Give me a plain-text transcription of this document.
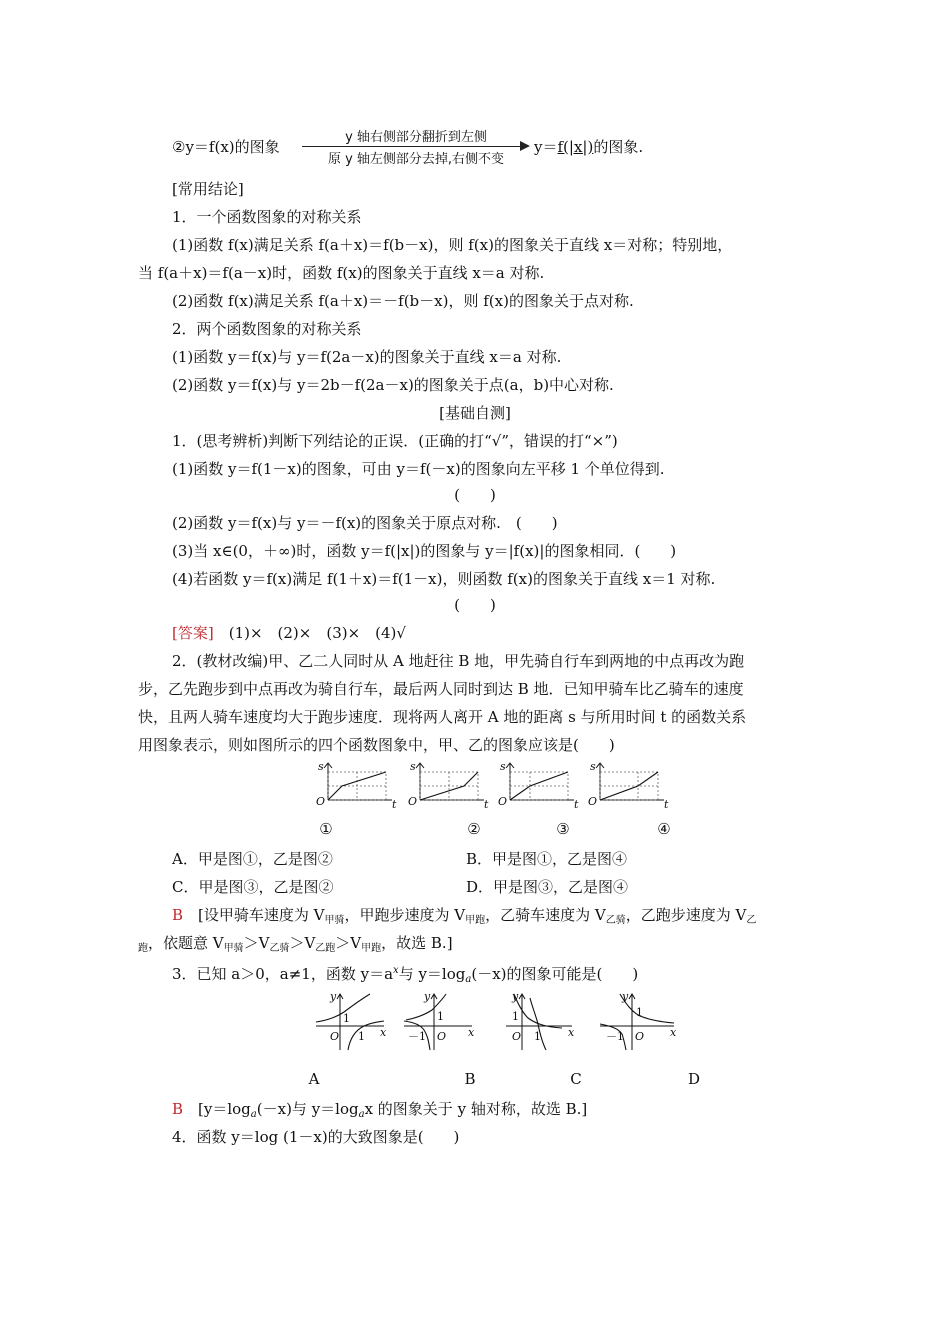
②y＝f(x)的图象
y 轴右侧部分翻折到左侧
原 y 轴左侧部分去掉,右侧不变
y＝f(|x|)的图象.
[常用结论]
1．一个函数图象的对称关系
(1)函数 f(x)满足关系 f(a＋x)＝f(b－x)，则 f(x)的图象关于直线 x＝对称；特别地，
当 f(a＋x)＝f(a－x)时，函数 f(x)的图象关于直线 x＝a 对称.
(2)函数 f(x)满足关系 f(a＋x)＝－f(b－x)，则 f(x)的图象关于点对称.
2．两个函数图象的对称关系
(1)函数 y＝f(x)与 y＝f(2a－x)的图象关于直线 x＝a 对称.
(2)函数 y＝f(x)与 y＝2b－f(2a－x)的图象关于点(a，b)中心对称.
[基础自测]
1．(思考辨析)判断下列结论的正误．(正确的打“√”，错误的打“×”)
(1)函数 y＝f(1－x)的图象，可由 y＝f(－x)的图象向左平移 1 个单位得到.
(　　)
(2)函数 y＝f(x)与 y＝－f(x)的图象关于原点对称.　(　　)
(3)当 x∈(0，＋∞)时，函数 y＝f(|x|)的图象与 y＝|f(x)|的图象相同．(　　)
(4)若函数 y＝f(x)满足 f(1＋x)＝f(1－x)，则函数 f(x)的图象关于直线 x＝1 对称.
(　　)
[答案]　(1)×　(2)×　(3)×　(4)√
2．(教材改编)甲、乙二人同时从 A 地赶往 B 地，甲先骑自行车到两地的中点再改为跑
步，乙先跑步到中点再改为骑自行车，最后两人同时到达 B 地．已知甲骑车比乙骑车的速度
快，且两人骑车速度均大于跑步速度．现将两人离开 A 地的距离 s 与所用时间 t 的函数关系
用图象表示，则如图所示的四个函数图象中，甲、乙的图象应该是(　　)
s
O	t
s
O	t
s
O	t
s
O	t
①	②	③	④
A．甲是图①，乙是图②	B．甲是图①，乙是图④
C．甲是图③，乙是图②	D．甲是图③，乙是图④
B　[设甲骑车速度为 $V_{甲骑}$，甲跑步速度为 $V_{甲跑}$，乙骑车速度为 $V_{乙骑}$，乙跑步速度为 $V_乙$
$_跑$，依题意 $V_{甲骑}>V_{乙骑}>V_{乙跑}>V_{甲跑}$，故选 B.]
3．已知 a＞0，a≠1，函数 $y=a^x$与 $y=\log_a(-x)$的图象可能是(　　)
y
1
O 1 x
y
1
－1 O x
y
1
O 1 x
y
1
－1 O x
A	B	C	D
B　[$y=\log_a(-x)$与 $y=\log_ax$ 的图象关于 y 轴对称，故选 B.]
4．函数 y＝log (1－x)的大致图象是(　　)
